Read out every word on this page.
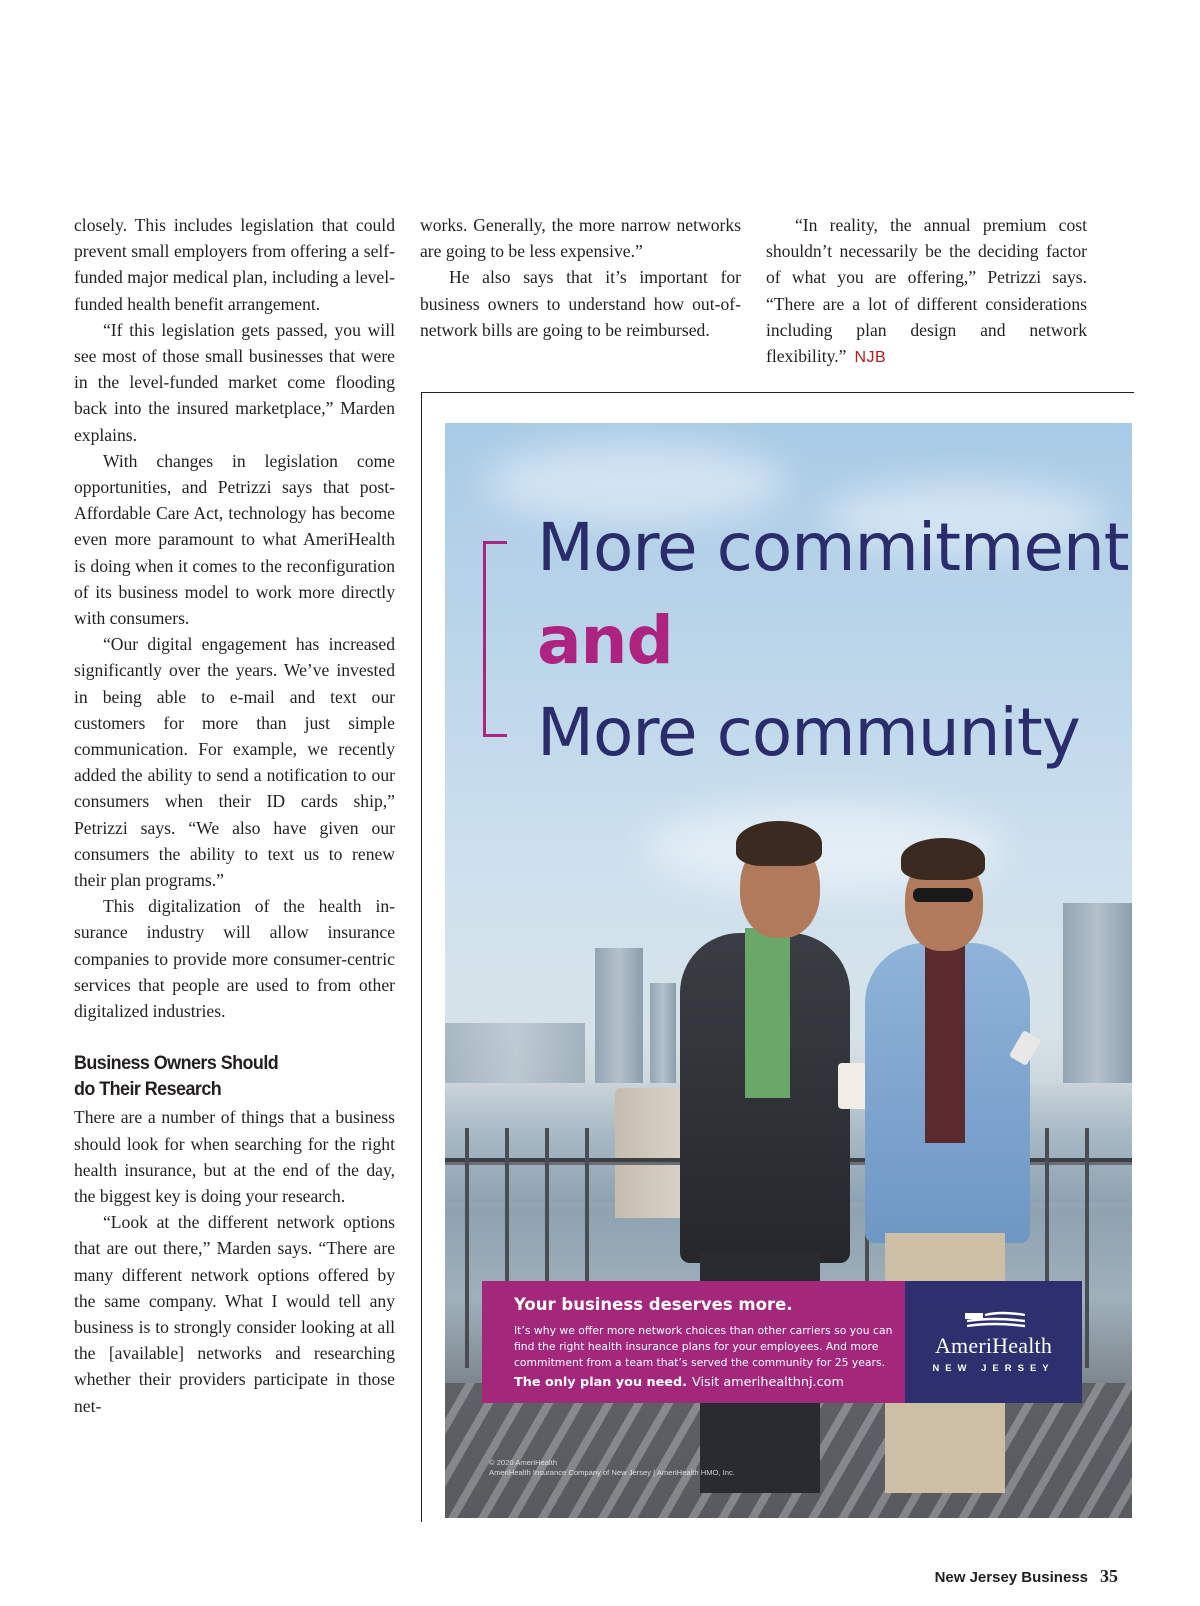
closely. This includes legislation that could prevent small employers from offering a self-funded major medical plan, including a level-funded health benefit arrangement.

“If this legislation gets passed, you will see most of those small businesses that were in the level-funded market come flooding back into the insured marketplace,” Marden explains.

With changes in legislation come opportunities, and Petrizzi says that post-Affordable Care Act, technology has become even more paramount to what AmeriHealth is doing when it comes to the reconfiguration of its business model to work more directly with consumers.

“Our digital engagement has increased significantly over the years. We’ve invested in being able to e-mail and text our customers for more than just simple communication. For example, we recently added the ability to send a notification to our consumers when their ID cards ship,” Petrizzi says. “We also have given our consumers the ability to text us to renew their plan programs.”

This digitalization of the health insurance industry will allow insurance companies to provide more consumer-centric services that people are used to from other digitalized industries.

Business Owners Should
do Their Research

There are a number of things that a business should look for when searching for the right health insurance, but at the end of the day, the biggest key is doing your research.

“Look at the different network options that are out there,” Marden says. “There are many different network options offered by the same company. What I would tell any business is to strongly consider looking at all the [available] networks and researching whether their providers participate in those net-

works. Generally, the more narrow networks are going to be less expensive.”

He also says that it’s important for business owners to understand how out-of-network bills are going to be reimbursed.

“In reality, the annual premium cost shouldn’t necessarily be the deciding factor of what you are offering,” Petrizzi says. “There are a lot of different considerations including plan design and network flexibility.” NJB

More commitment
and
More community
Your business deserves more.
It’s why we offer more network choices than other carriers so you can find the right health insurance plans for your employees. And more commitment from a team that’s served the community for 25 years.
The only plan you need. Visit amerihealthnj.com
AmeriHealth
NEW JERSEY
© 2020 AmeriHealth
AmeriHealth Insurance Company of New Jersey | AmeriHealth HMO, Inc.
New Jersey Business 35
